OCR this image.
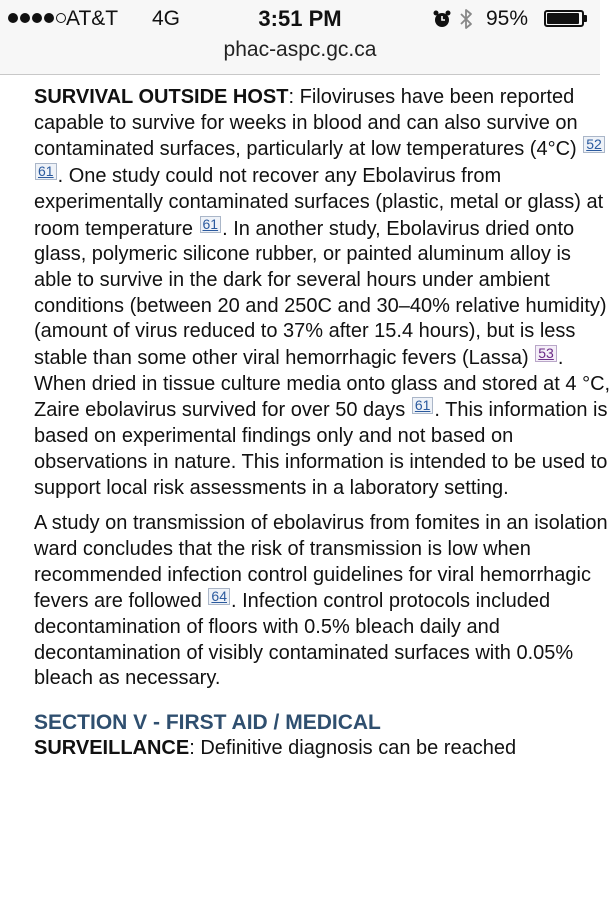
AT&T 4G	3:51 PM	95%
phac-aspc.gc.ca

SURVIVAL OUTSIDE HOST: Filoviruses have been reported capable to survive for weeks in blood and can also survive on contaminated surfaces, particularly at low temperatures (4°C) 52 61 . One study could not recover any Ebolavirus from experimentally contaminated surfaces (plastic, metal or glass) at room temperature 61 . In another study, Ebolavirus dried onto glass, polymeric silicone rubber, or painted aluminum alloy is able to survive in the dark for several hours under ambient conditions (between 20 and 250C and 30–40% relative humidity) (amount of virus reduced to 37% after 15.4 hours), but is less stable than some other viral hemorrhagic fevers (Lassa) 53 . When dried in tissue culture media onto glass and stored at 4 °C, Zaire ebolavirus survived for over 50 days 61 . This information is based on experimental findings only and not based on observations in nature. This information is intended to be used to support local risk assessments in a laboratory setting.

A study on transmission of ebolavirus from fomites in an isolation ward concludes that the risk of transmission is low when recommended infection control guidelines for viral hemorrhagic fevers are followed 64 . Infection control protocols included decontamination of floors with 0.5% bleach daily and decontamination of visibly contaminated surfaces with 0.05% bleach as necessary.

SECTION V - FIRST AID / MEDICAL

SURVEILLANCE: Definitive diagnosis can be reached
